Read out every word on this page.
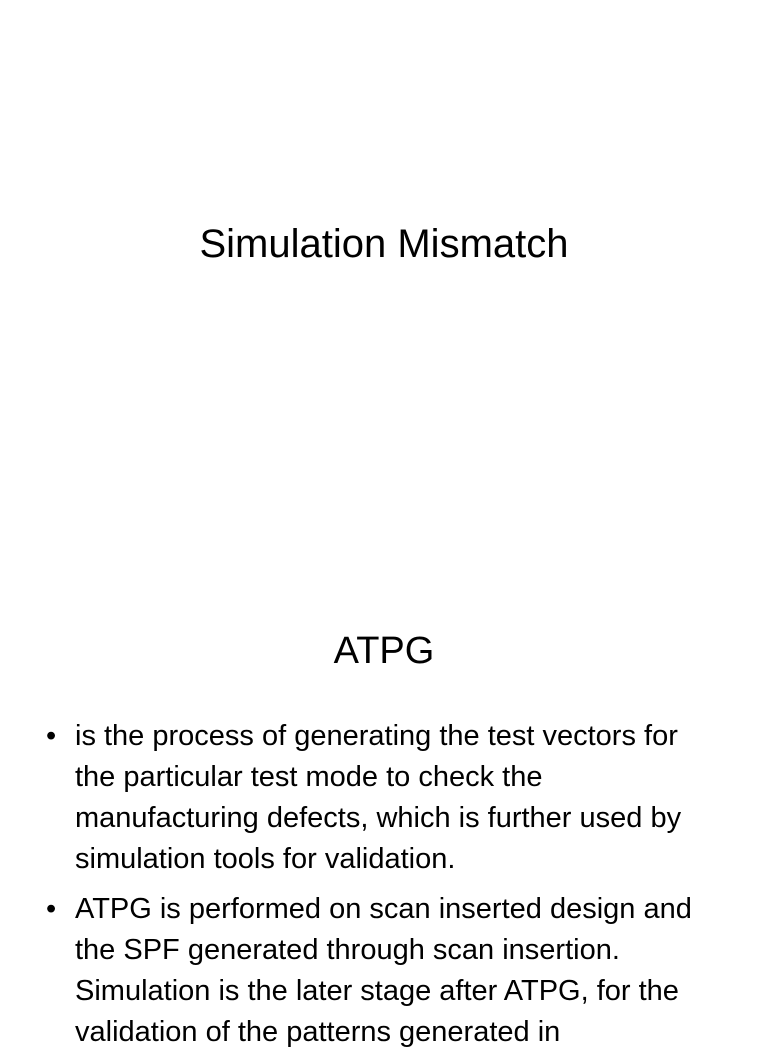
Simulation Mismatch
ATPG
• is the process of generating the test vectors for the particular test mode to check the manufacturing defects, which is further used by simulation tools for validation.
• ATPG is performed on scan inserted design and the SPF generated through scan insertion. Simulation is the later stage after ATPG, for the validation of the patterns generated in
